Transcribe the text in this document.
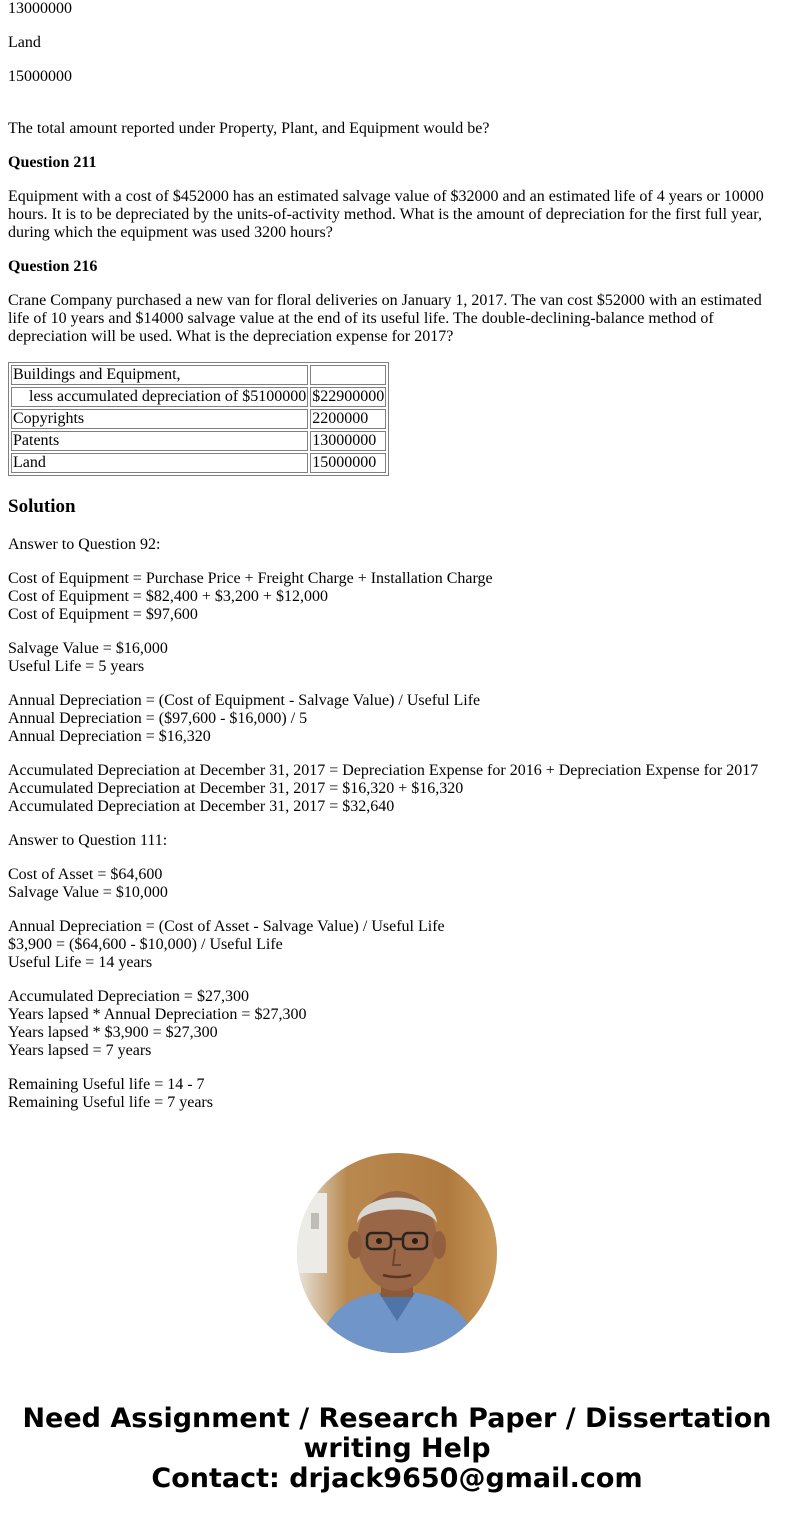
13000000

Land

15000000

The total amount reported under Property, Plant, and Equipment would be?

Question 211

Equipment with a cost of $452000 has an estimated salvage value of $32000 and an estimated life of 4 years or 10000 hours. It is to be depreciated by the units-of-activity method. What is the amount of depreciation for the first full year, during which the equipment was used 3200 hours?

Question 216

Crane Company purchased a new van for floral deliveries on January 1, 2017. The van cost $52000 with an estimated life of 10 years and $14000 salvage value at the end of its useful life. The double-declining-balance method of depreciation will be used. What is the depreciation expense for 2017?

Buildings and Equipment,	
less accumulated depreciation of $5100000	$22900000
Copyrights	2200000
Patents	13000000
Land	15000000
Solution

Answer to Question 92:

Cost of Equipment = Purchase Price + Freight Charge + Installation Charge
Cost of Equipment = $82,400 + $3,200 + $12,000
Cost of Equipment = $97,600

Salvage Value = $16,000
Useful Life = 5 years

Annual Depreciation = (Cost of Equipment - Salvage Value) / Useful Life
Annual Depreciation = ($97,600 - $16,000) / 5
Annual Depreciation = $16,320

Accumulated Depreciation at December 31, 2017 = Depreciation Expense for 2016 + Depreciation Expense for 2017
Accumulated Depreciation at December 31, 2017 = $16,320 + $16,320
Accumulated Depreciation at December 31, 2017 = $32,640

Answer to Question 111:

Cost of Asset = $64,600
Salvage Value = $10,000

Annual Depreciation = (Cost of Asset - Salvage Value) / Useful Life
$3,900 = ($64,600 - $10,000) / Useful Life
Useful Life = 14 years

Accumulated Depreciation = $27,300
Years lapsed * Annual Depreciation = $27,300
Years lapsed * $3,900 = $27,300
Years lapsed = 7 years

Remaining Useful life = 14 - 7
Remaining Useful life = 7 years

Need Assignment / Research Paper / Dissertation
writing Help
Contact: drjack9650@gmail.com
